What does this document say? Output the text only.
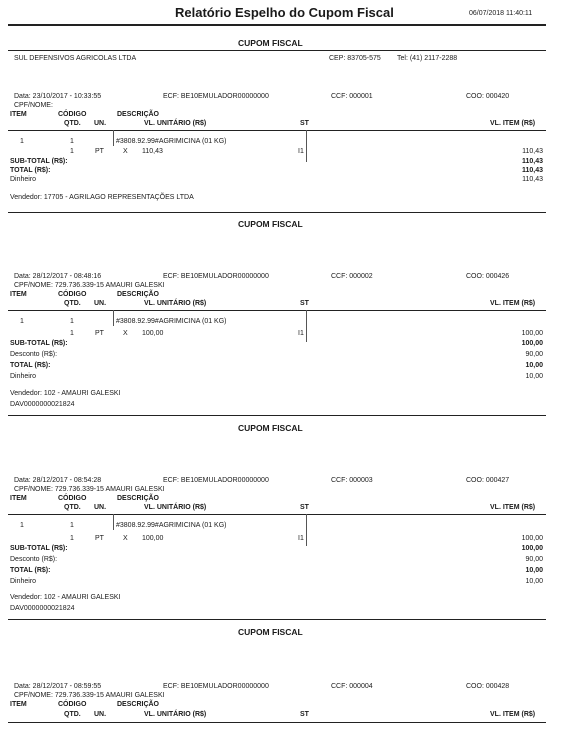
Relatório Espelho do Cupom Fiscal	06/07/2018 11:40:11
CUPOM FISCAL
SUL DEFENSIVOS AGRICOLAS LTDA	CEP: 83705-575 Tel: (41) 2117-2288
Data: 23/10/2017 - 10:33:55	ECF: BE10EMULADOR00000000	CCF: 000001	COO: 000420
CPF/NOME:
ITEM	CÓDIGO	DESCRIÇÃO
QTD. UN.	VL. UNITÁRIO (R$)	ST	VL. ITEM (R$)
1	1	#3808.92.99#AGRIMICINA (01 KG)
1	PT	X 110,43	I1	110,43
SUB-TOTAL (R$):	110,43
TOTAL (R$):	110,43
Dinheiro	110,43
Vendedor: 17705 - AGRILAGO REPRESENTAÇÕES LTDA
CUPOM FISCAL
Data: 28/12/2017 - 08:48:16	ECF: BE10EMULADOR00000000	CCF: 000002	COO: 000426
CPF/NOME: 729.736.339-15 AMAURI GALESKI
ITEM	CÓDIGO	DESCRIÇÃO
QTD. UN.	VL. UNITÁRIO (R$)	ST	VL. ITEM (R$)
1	1	#3808.92.99#AGRIMICINA (01 KG)
1	PT	X 100,00	I1	100,00
SUB-TOTAL (R$):	100,00
Desconto (R$):	90,00
TOTAL (R$):	10,00
Dinheiro	10,00
Vendedor: 102 - AMAURI GALESKI
DAV0000000021824
CUPOM FISCAL
Data: 28/12/2017 - 08:54:28	ECF: BE10EMULADOR00000000	CCF: 000003	COO: 000427
CPF/NOME: 729.736.339-15 AMAURI GALESKI
ITEM	CÓDIGO	DESCRIÇÃO
QTD. UN.	VL. UNITÁRIO (R$)	ST	VL. ITEM (R$)
1	1	#3808.92.99#AGRIMICINA (01 KG)
1	PT	X 100,00	I1	100,00
SUB-TOTAL (R$):	100,00
Desconto (R$):	90,00
TOTAL (R$):	10,00
Dinheiro	10,00
Vendedor: 102 - AMAURI GALESKI
DAV0000000021824
CUPOM FISCAL
Data: 28/12/2017 - 08:59:55	ECF: BE10EMULADOR00000000	CCF: 000004	COO: 000428
CPF/NOME: 729.736.339-15 AMAURI GALESKI
ITEM	CÓDIGO	DESCRIÇÃO
QTD. UN.	VL. UNITÁRIO (R$)	ST	VL. ITEM (R$)
